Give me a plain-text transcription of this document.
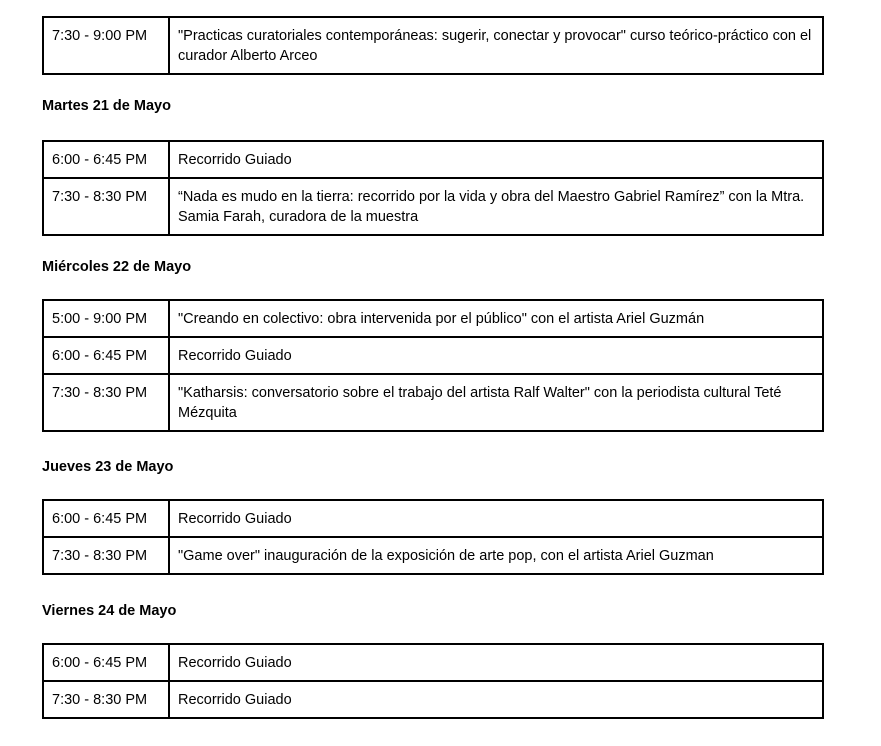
7:30 - 9:00 PM	"Practicas curatoriales contemporáneas: sugerir, conectar y provocar" curso teórico-práctico con el curador Alberto Arceo

Martes 21 de Mayo

6:00 - 6:45 PM	Recorrido Guiado
7:30 - 8:30 PM	“Nada es mudo en la tierra: recorrido por la vida y obra del Maestro Gabriel Ramírez” con la Mtra. Samia Farah, curadora de la muestra

Miércoles 22 de Mayo

5:00 - 9:00 PM	"Creando en colectivo: obra intervenida por el público" con el artista Ariel Guzmán
6:00 - 6:45 PM	Recorrido Guiado
7:30 - 8:30 PM	"Katharsis: conversatorio sobre el trabajo del artista Ralf Walter" con la periodista cultural Teté Mézquita

Jueves 23 de Mayo

6:00 - 6:45 PM	Recorrido Guiado
7:30 - 8:30 PM	"Game over" inauguración de la exposición de arte pop, con el artista Ariel Guzman

Viernes 24 de Mayo

6:00 - 6:45 PM	Recorrido Guiado
7:30 - 8:30 PM	Recorrido Guiado
